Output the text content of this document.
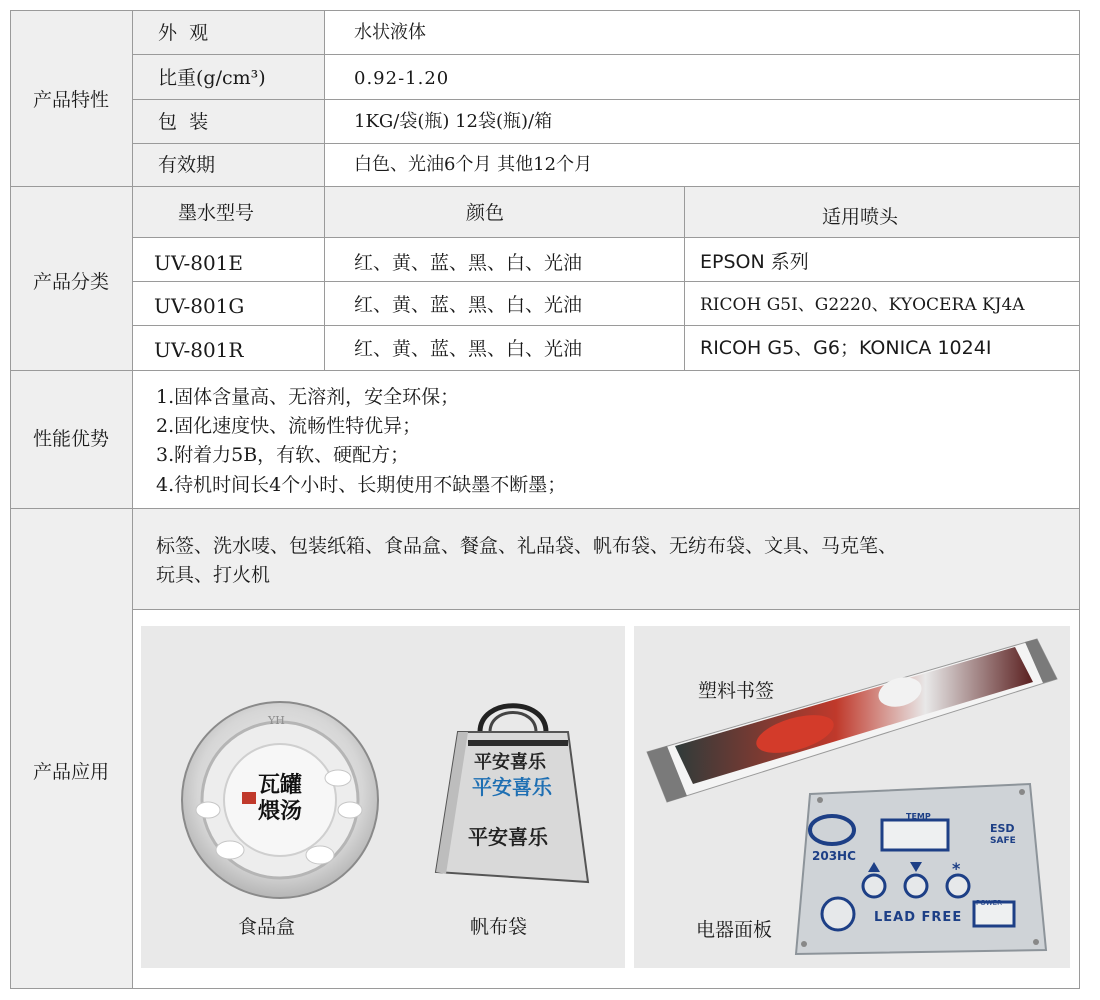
产品特性
外  观	水状液体
比重(g/cm³)	0.92-1.20
包  装	1KG/袋(瓶) 12袋(瓶)/箱
有效期	白色、光油6个月 其他12个月
产品分类
墨水型号	颜色	适用喷头
UV-801E	红、黄、蓝、黑、白、光油	EPSON 系列
UV-801G	红、黄、蓝、黑、白、光油	RICOH G5I、G2220、KYOCERA KJ4A
UV-801R	红、黄、蓝、黑、白、光油	RICOH G5、G6；KONICA 1024I
性能优势
1.固体含量高、无溶剂，安全环保；
2.固化速度快、流畅性特优异；
3.附着力5B，有软、硬配方；
4.待机时间长4个小时、长期使用不缺墨不断墨；
产品应用
标签、洗水唛、包装纸箱、食品盒、餐盒、礼品袋、帆布袋、无纺布袋、文具、马克笔、
玩具、打火机
YH
瓦罐
煨汤
食品盒
平安喜乐
平安喜乐
平安喜乐
帆布袋
塑料书签
TEMP
203HC
ESD
SAFE
*
POWER
LEAD FREE
电器面板
